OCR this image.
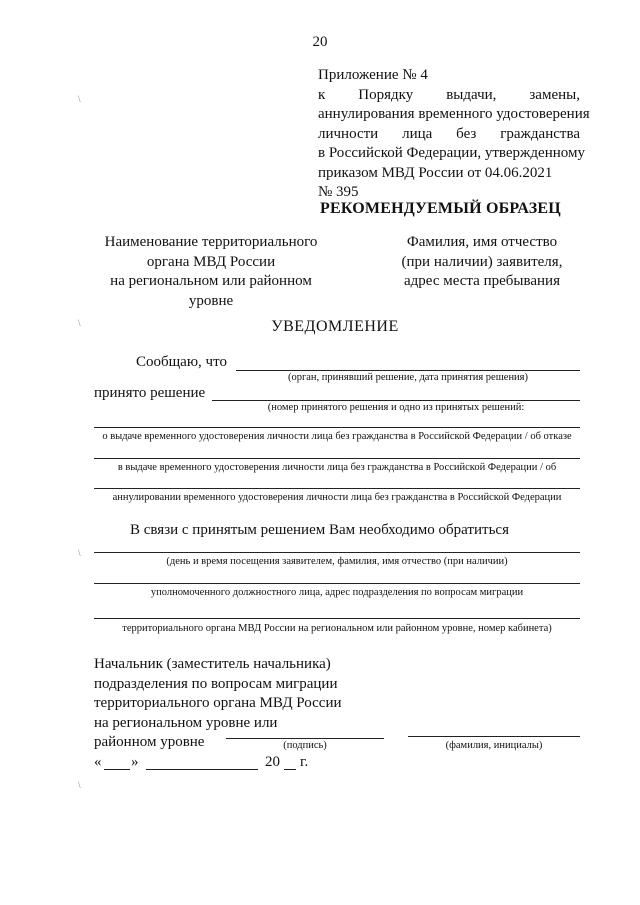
20
Приложение № 4
к Порядку выдачи, замены,
аннулирования временного удостоверения
личности лица без гражданства
в Российской Федерации, утвержденному
приказом МВД России от 04.06.2021
№ 395
РЕКОМЕНДУЕМЫЙ ОБРАЗЕЦ
Наименование территориального
органа МВД России
на региональном или районном
уровне
Фамилия, имя отчество
(при наличии) заявителя,
адрес места пребывания
УВЕДОМЛЕНИЕ
Сообщаю, что
(орган, принявший решение, дата принятия решения)
принято решение
(номер принятого решения и одно из принятых решений:
о выдаче временного удостоверения личности лица без гражданства в Российской Федерации / об отказе
в выдаче временного удостоверения личности лица без гражданства в Российской Федерации / об
аннулировании временного удостоверения личности лица без гражданства в Российской Федерации
В связи с принятым решением Вам необходимо обратиться
(день и время посещения заявителем, фамилия, имя отчество (при наличии)
уполномоченного должностного лица, адрес подразделения по вопросам миграции
территориального органа МВД России на региональном или районном уровне, номер кабинета)
Начальник (заместитель начальника)
подразделения по вопросам миграции
территориального органа МВД России
на региональном уровне или
районном уровне	(подпись)	(фамилия, инициалы)
« »	20 г.
\
\
\
\
